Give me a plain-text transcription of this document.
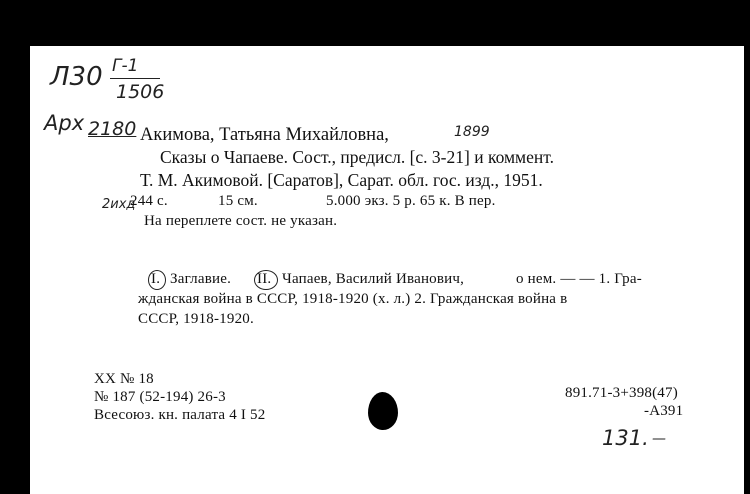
Л30 Г-1
1506
Арх 2180	1899
2ихд
131. —
Акимова, Татьяна Михайловна,
Сказы о Чапаеве. Сост., предисл. [с. 3-21] и коммент.
Т. М. Акимовой. [Саратов], Сарат. обл. гос. изд., 1951.
244 с.	15 см.	5.000 экз. 5 р. 65 к. В пер.
На переплете сост. не указан.
I. Заглавие. II. Чапаев, Василий Иванович,	о нем. — — 1. Гра-
жданская война в СССР, 1918-1920 (х. л.) 2. Гражданская война в
СССР, 1918-1920.
ХХ № 18
№ 187 (52-194) 26-3
Всесоюз. кн. палата 4 I 52
891.71-3+398(47)
-А391
